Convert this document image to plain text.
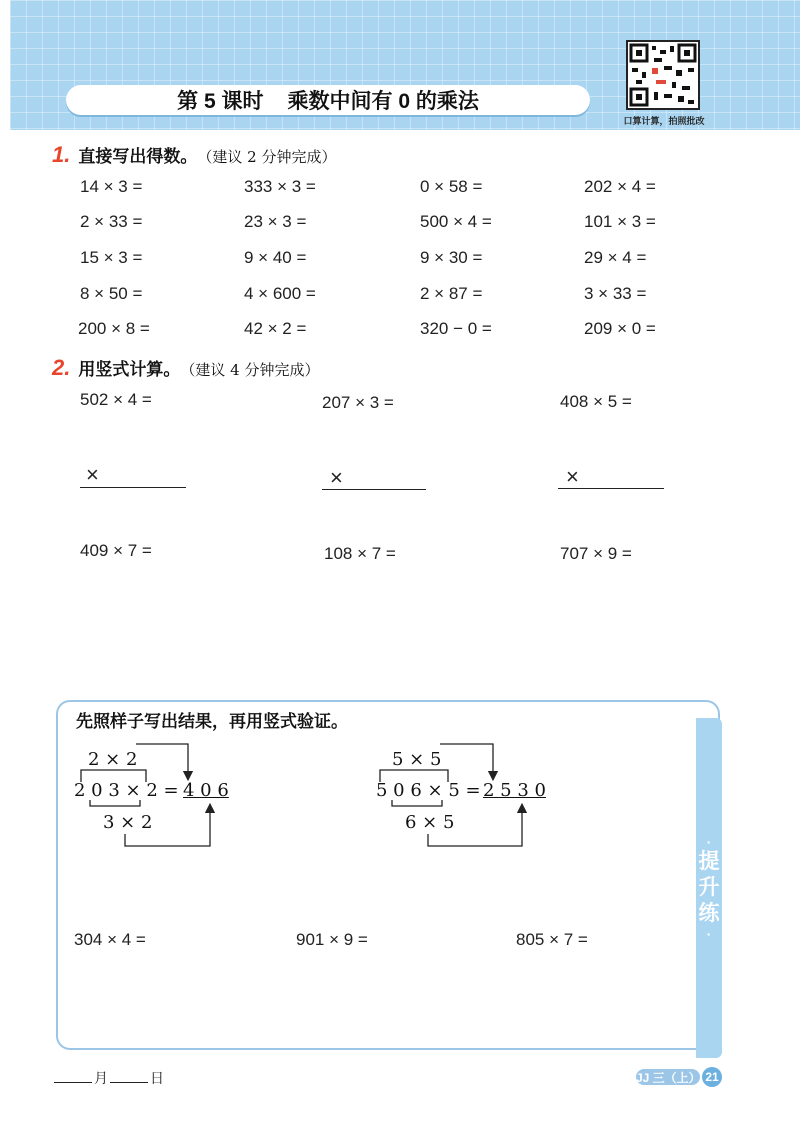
第 5 课时 乘数中间有 0 的乘法
口算计算，拍照批改
1. 直接写出得数。 （建议 2 分钟完成）
14 × 3 =	333 × 3 =	0 × 58 =	202 × 4 =
2 × 33 =	23 × 3 =	500 × 4 =	101 × 3 =
15 × 3 =	9 × 40 =	9 × 30 =	29 × 4 =
8 × 50 =	4 × 600 =	2 × 87 =	3 × 33 =
200 × 8 =	42 × 2 =	320 − 0 =	209 × 0 =
2. 用竖式计算。 （建议 4 分钟完成）
502 × 4 =	207 × 3 =	408 × 5 =
×	×	×
409 × 7 =	108 × 7 =	707 × 9 =
·
提
升
练
·
先照样子写出结果，再用竖式验证。
2 × 2
2 0 3 × 2 = 4 0 6
3 × 2
5 × 5
5 0 6 × 5 = 2 5 3 0
6 × 5
304 × 4 =	901 × 9 =	805 × 7 =
月	日	JJ 三（上） 21
